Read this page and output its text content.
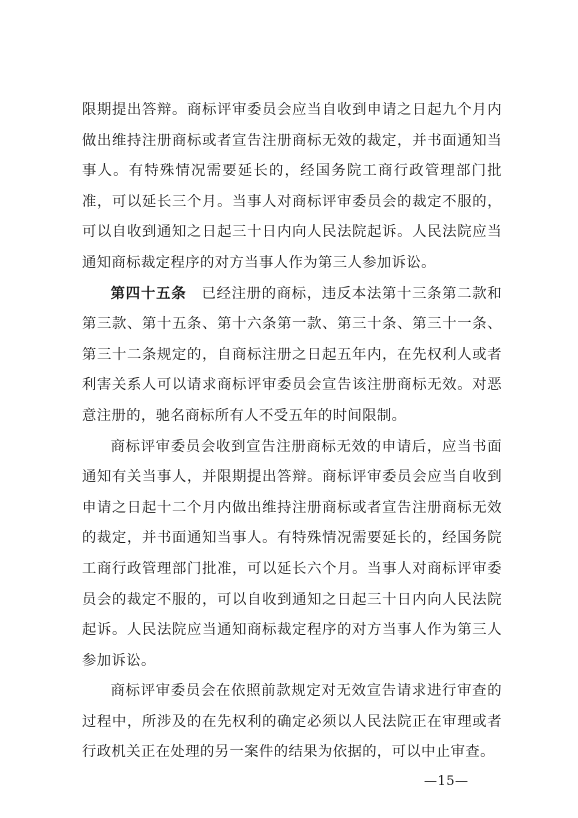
限期提出答辩。商标评审委员会应当自收到申请之日起九个月内做出维持注册商标或者宣告注册商标无效的裁定，并书面通知当事人。有特殊情况需要延长的，经国务院工商行政管理部门批准，可以延长三个月。当事人对商标评审委员会的裁定不服的，可以自收到通知之日起三十日内向人民法院起诉。人民法院应当通知商标裁定程序的对方当事人作为第三人参加诉讼。

第四十五条　已经注册的商标，违反本法第十三条第二款和第三款、第十五条、第十六条第一款、第三十条、第三十一条、第三十二条规定的，自商标注册之日起五年内，在先权利人或者利害关系人可以请求商标评审委员会宣告该注册商标无效。对恶意注册的，驰名商标所有人不受五年的时间限制。

商标评审委员会收到宣告注册商标无效的申请后，应当书面通知有关当事人，并限期提出答辩。商标评审委员会应当自收到申请之日起十二个月内做出维持注册商标或者宣告注册商标无效的裁定，并书面通知当事人。有特殊情况需要延长的，经国务院工商行政管理部门批准，可以延长六个月。当事人对商标评审委员会的裁定不服的，可以自收到通知之日起三十日内向人民法院起诉。人民法院应当通知商标裁定程序的对方当事人作为第三人参加诉讼。

商标评审委员会在依照前款规定对无效宣告请求进行审查的过程中，所涉及的在先权利的确定必须以人民法院正在审理或者行政机关正在处理的另一案件的结果为依据的，可以中止审查。

—15—
